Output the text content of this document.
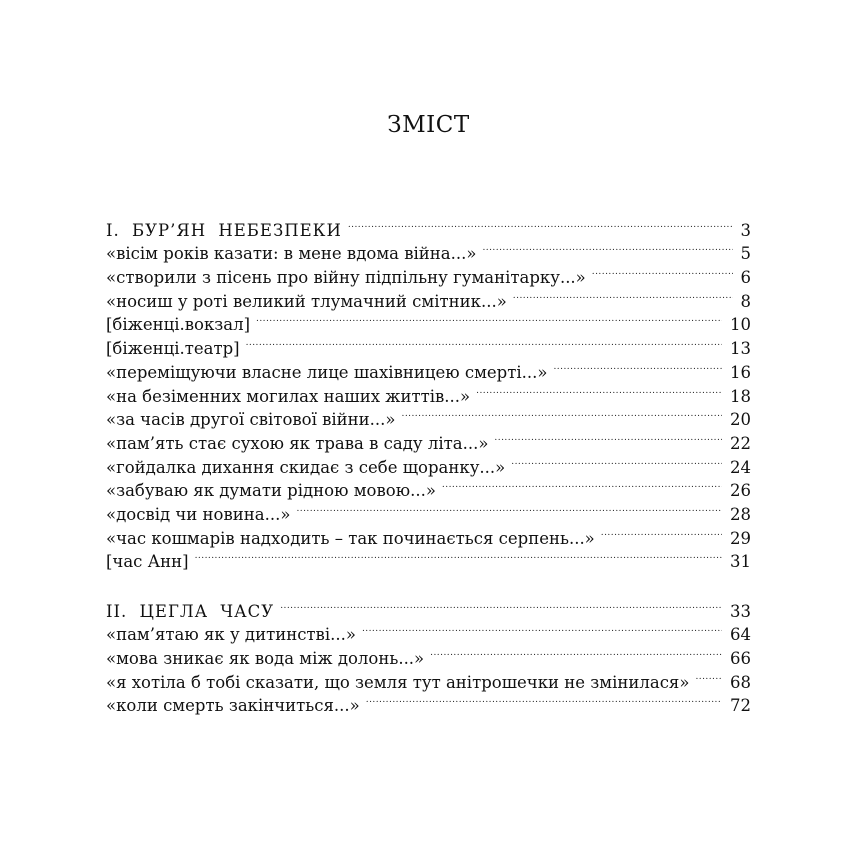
ЗМІСТ
I. БУР’ЯН НЕБЕЗПЕКИ . . .	3
«вісім років казати: в мене вдома війна...» . . .	5
«створили з пісень про війну підпільну гуманітарку...» . . .	6
«носиш у роті великий тлумачний смітник...» . . .	8
[біженці.вокзал] . . .	10
[біженці.театр] . . .	13
«переміщуючи власне лице шахівницею смерті...» . . .	16
«на безіменних могилах наших життів...» . . .	18
«за часів другої світової війни...» . . .	20
«пам’ять стає сухою як трава в саду літа...» . . .	22
«гойдалка дихання скидає з себе щоранку...» . . .	24
«забуваю як думати рідною мовою...» . . .	26
«досвід чи новина...» . . .	28
«час кошмарів надходить – так починається серпень...» . . .	29
[час Анн] . . .	31
II. ЦЕГЛА ЧАСУ . . .	33
«пам’ятаю як у дитинстві...» . . .	64
«мова зникає як вода між долонь...» . . .	66
«я хотіла б тобі сказати, що земля тут анітрошечки не змінилася» . . .	68
«коли смерть закінчиться...» . . .	72
